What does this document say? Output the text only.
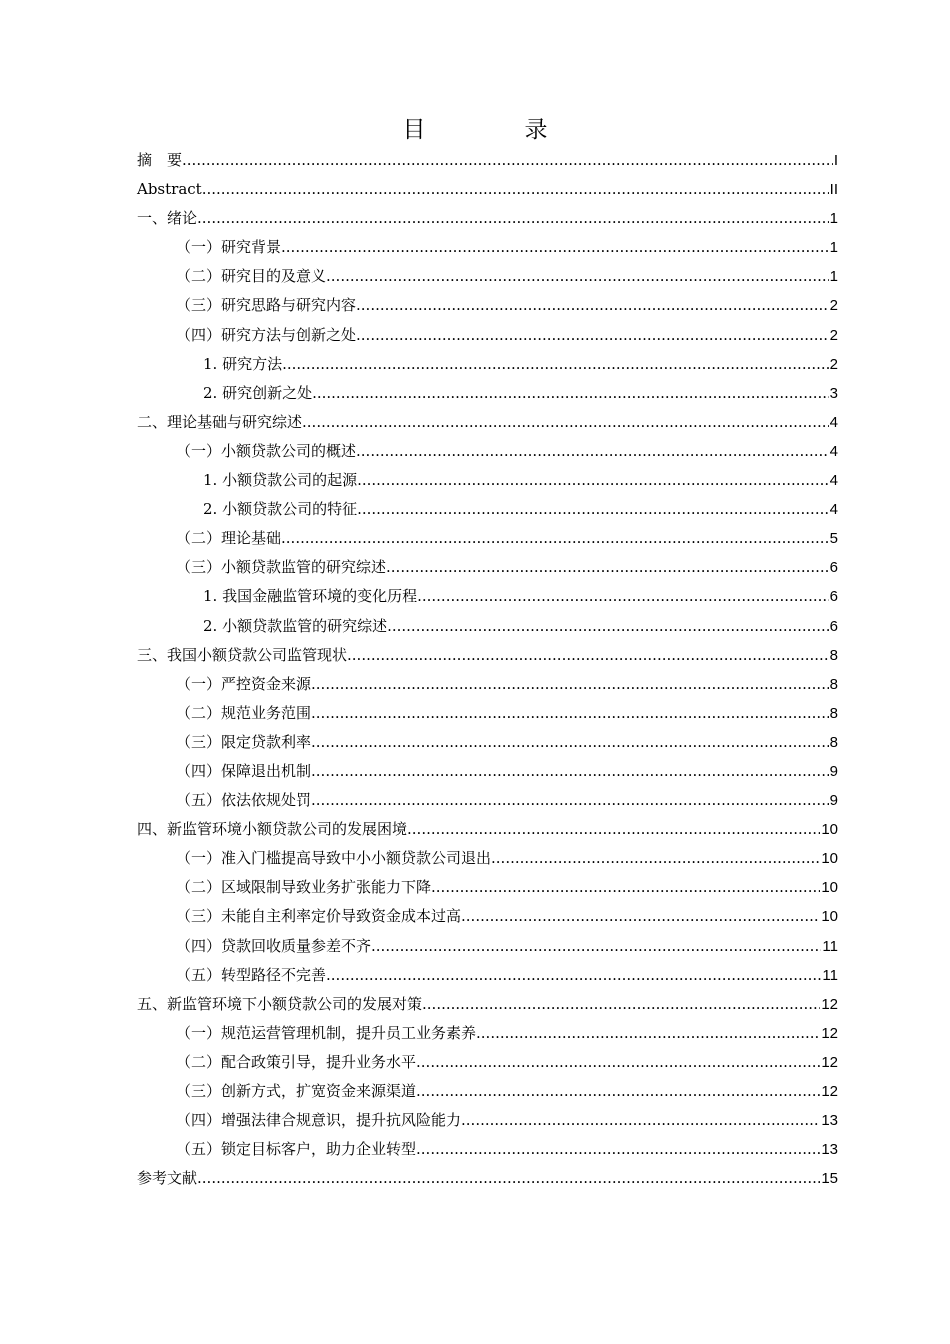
目　录
摘　要 .....	I
Abstract .....	II
一、绪论 .....	1
（一）研究背景 .....	1
（二）研究目的及意义 .....	1
（三）研究思路与研究内容 .....	2
（四）研究方法与创新之处 .....	2
1. 研究方法 .....	2
2. 研究创新之处 .....	3
二、理论基础与研究综述 .....	4
（一）小额贷款公司的概述 .....	4
1. 小额贷款公司的起源 .....	4
2. 小额贷款公司的特征 .....	4
（二）理论基础 .....	5
（三）小额贷款监管的研究综述 .....	6
1. 我国金融监管环境的变化历程 .....	6
2. 小额贷款监管的研究综述 .....	6
三、我国小额贷款公司监管现状 .....	8
（一）严控资金来源 .....	8
（二）规范业务范围 .....	8
（三）限定贷款利率 .....	8
（四）保障退出机制 .....	9
（五）依法依规处罚 .....	9
四、新监管环境小额贷款公司的发展困境 .....	10
（一）准入门槛提高导致中小小额贷款公司退出 .....	10
（二）区域限制导致业务扩张能力下降 .....	10
（三）未能自主利率定价导致资金成本过高 .....	10
（四）贷款回收质量参差不齐 .....	11
（五）转型路径不完善 .....	11
五、新监管环境下小额贷款公司的发展对策 .....	12
（一）规范运营管理机制，提升员工业务素养 .....	12
（二）配合政策引导，提升业务水平 .....	12
（三）创新方式，扩宽资金来源渠道 .....	12
（四）增强法律合规意识，提升抗风险能力 .....	13
（五）锁定目标客户，助力企业转型 .....	13
参考文献 .....	15
